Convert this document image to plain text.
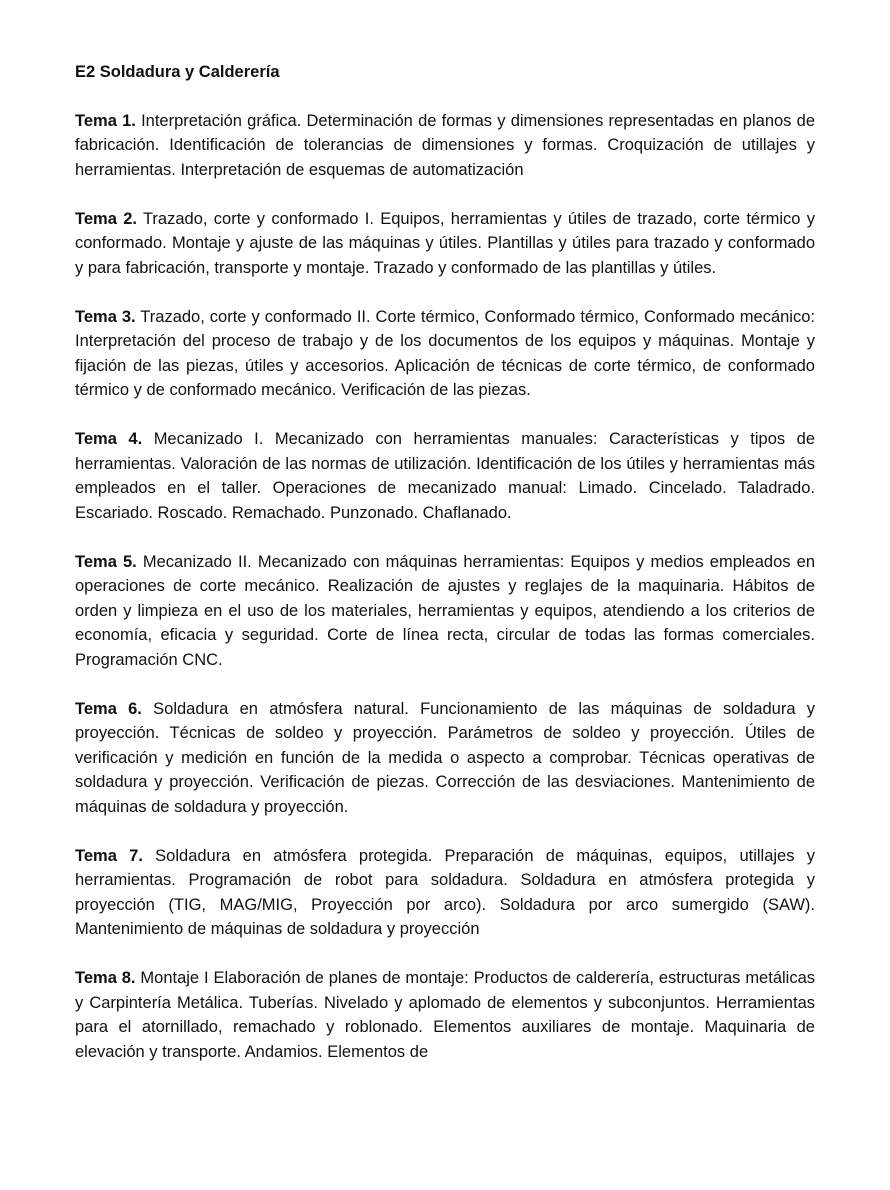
E2 Soldadura y Calderería

Tema 1. Interpretación gráfica. Determinación de formas y dimensiones representadas en planos de fabricación. Identificación de tolerancias de dimensiones y formas. Croquización de utillajes y herramientas. Interpretación de esquemas de automatización

Tema 2. Trazado, corte y conformado I. Equipos, herramientas y útiles de trazado, corte térmico y conformado. Montaje y ajuste de las máquinas y útiles. Plantillas y útiles para trazado y conformado y para fabricación, transporte y montaje. Trazado y conformado de las plantillas y útiles.

Tema 3. Trazado, corte y conformado II. Corte térmico, Conformado térmico, Conformado mecánico: Interpretación del proceso de trabajo y de los documentos de los equipos y máquinas. Montaje y fijación de las piezas, útiles y accesorios. Aplicación de técnicas de corte térmico, de conformado térmico y de conformado mecánico. Verificación de las piezas.

Tema 4. Mecanizado I. Mecanizado con herramientas manuales: Características y tipos de herramientas. Valoración de las normas de utilización. Identificación de los útiles y herramientas más empleados en el taller. Operaciones de mecanizado manual: Limado. Cincelado. Taladrado. Escariado. Roscado. Remachado. Punzonado. Chaflanado.

Tema 5. Mecanizado II. Mecanizado con máquinas herramientas: Equipos y medios empleados en operaciones de corte mecánico. Realización de ajustes y reglajes de la maquinaria. Hábitos de orden y limpieza en el uso de los materiales, herramientas y equipos, atendiendo a los criterios de economía, eficacia y seguridad. Corte de línea recta, circular de todas las formas comerciales. Programación CNC.

Tema 6. Soldadura en atmósfera natural. Funcionamiento de las máquinas de soldadura y proyección. Técnicas de soldeo y proyección. Parámetros de soldeo y proyección. Útiles de verificación y medición en función de la medida o aspecto a comprobar. Técnicas operativas de soldadura y proyección. Verificación de piezas. Corrección de las desviaciones. Mantenimiento de máquinas de soldadura y proyección.

Tema 7. Soldadura en atmósfera protegida. Preparación de máquinas, equipos, utillajes y herramientas. Programación de robot para soldadura. Soldadura en atmósfera protegida y proyección (TIG, MAG/MIG, Proyección por arco). Soldadura por arco sumergido (SAW). Mantenimiento de máquinas de soldadura y proyección

Tema 8. Montaje I Elaboración de planes de montaje: Productos de calderería, estructuras metálicas y Carpintería Metálica. Tuberías. Nivelado y aplomado de elementos y subconjuntos. Herramientas para el atornillado, remachado y roblonado. Elementos auxiliares de montaje. Maquinaria de elevación y transporte. Andamios. Elementos de
